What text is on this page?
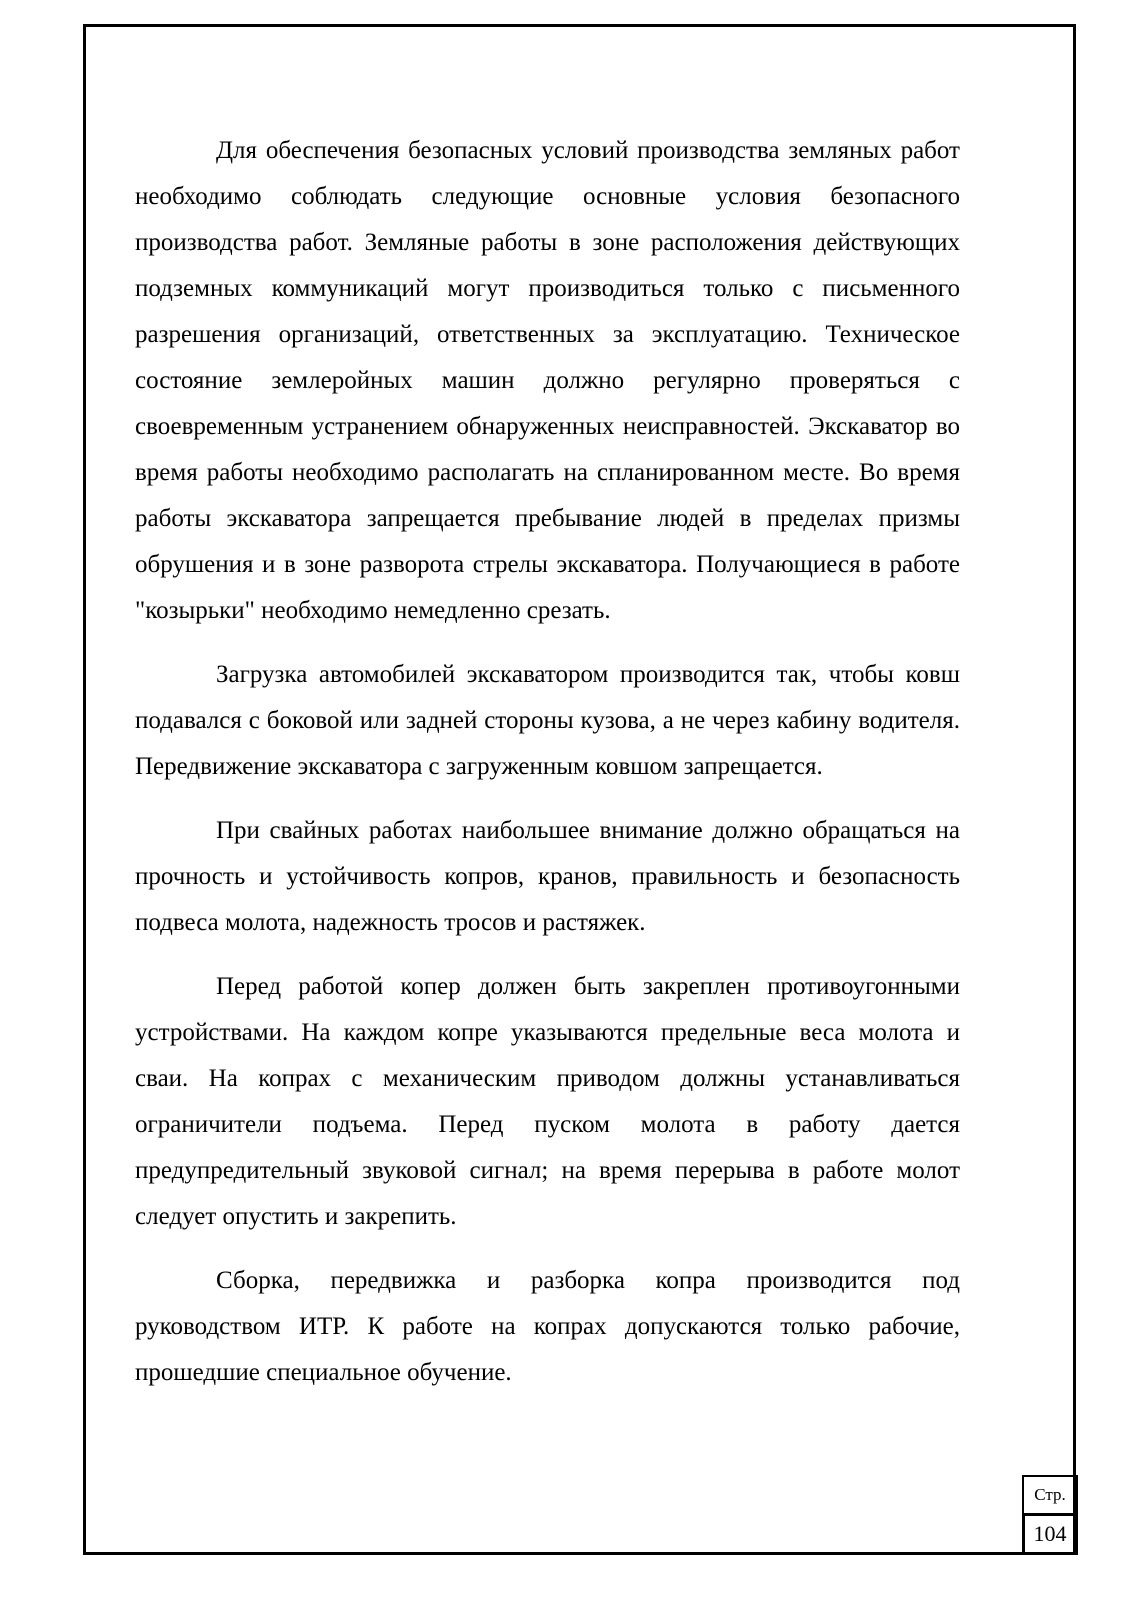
Для обеспечения безопасных условий производства земляных работ необходимо соблюдать следующие основные условия безопасного производства работ. Земляные работы в зоне расположения действующих подземных коммуникаций могут производиться только с письменного разрешения организаций, ответственных за эксплуатацию. Техническое состояние землеройных машин должно регулярно проверяться с своевременным устранением обнаруженных неисправностей. Экскаватор во время работы необходимо располагать на спланированном месте. Во время работы экскаватора запрещается пребывание людей в пределах призмы обрушения и в зоне разворота стрелы экскаватора. Получающиеся в работе "козырьки" необходимо немедленно срезать.

Загрузка автомобилей экскаватором производится так, чтобы ковш подавался с боковой или задней стороны кузова, а не через кабину водителя. Передвижение экскаватора с загруженным ковшом запрещается.

При свайных работах наибольшее внимание должно обращаться на прочность и устойчивость копров, кранов, правильность и безопасность подвеса молота, надежность тросов и растяжек.

Перед работой копер должен быть закреплен противоугонными устройствами. На каждом копре указываются предельные веса молота и сваи. На копрах с механическим приводом должны устанавливаться ограничители подъема. Перед пуском молота в работу дается предупредительный звуковой сигнал; на время перерыва в работе молот следует опустить и закрепить.

Сборка, передвижка и разборка копра производится под руководством ИТР. К работе на копрах допускаются только рабочие, прошедшие специальное обучение.

Стр.
104
